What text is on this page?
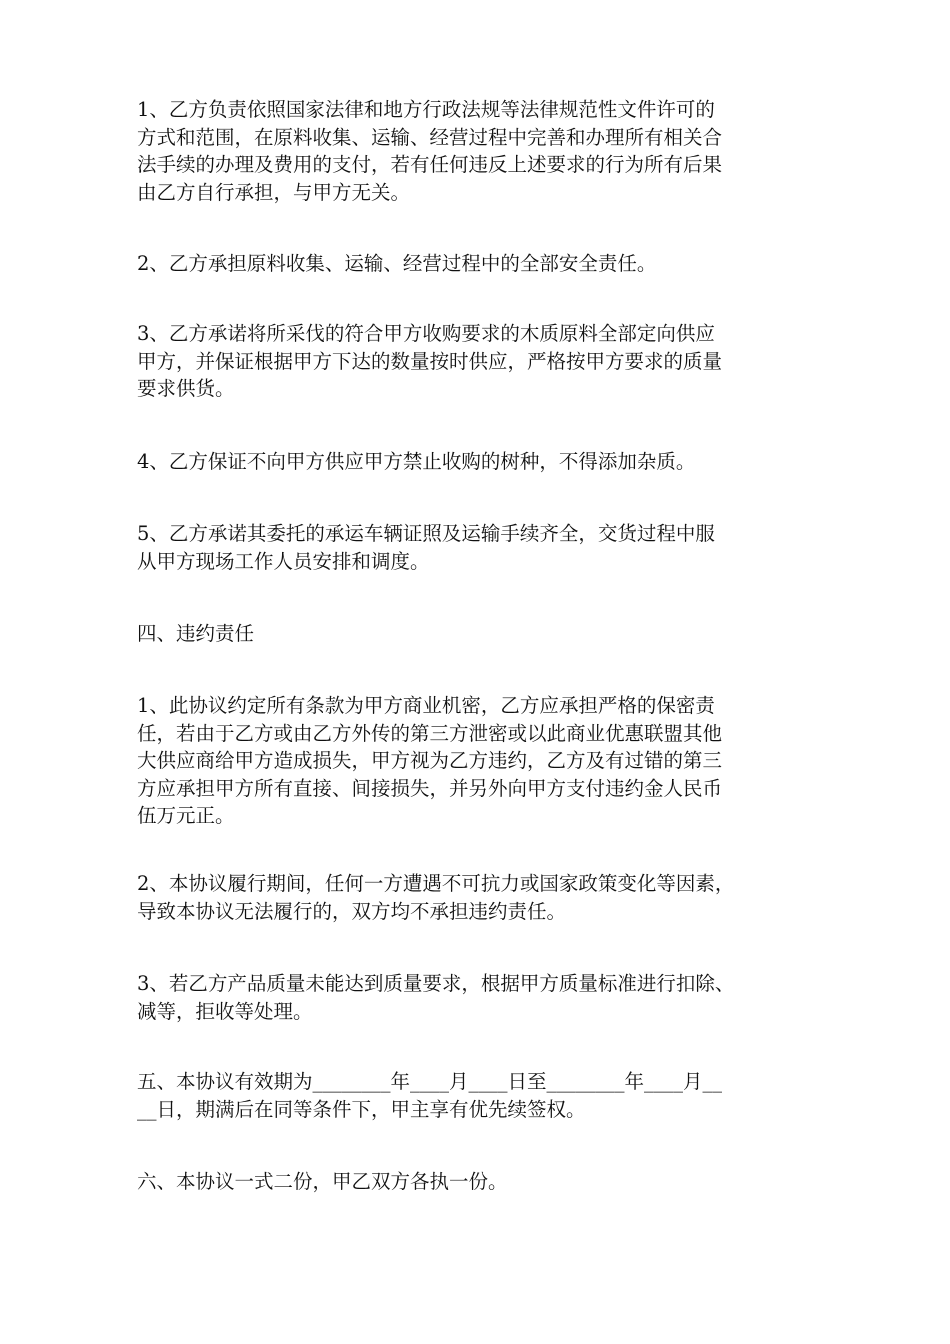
1、乙方负责依照国家法律和地方行政法规等法律规范性文件许可的
方式和范围，在原料收集、运输、经营过程中完善和办理所有相关合
法手续的办理及费用的支付，若有任何违反上述要求的行为所有后果
由乙方自行承担，与甲方无关。

2、乙方承担原料收集、运输、经营过程中的全部安全责任。

3、乙方承诺将所采伐的符合甲方收购要求的木质原料全部定向供应
甲方，并保证根据甲方下达的数量按时供应，严格按甲方要求的质量
要求供货。

4、乙方保证不向甲方供应甲方禁止收购的树种，不得添加杂质。

5、乙方承诺其委托的承运车辆证照及运输手续齐全，交货过程中服
从甲方现场工作人员安排和调度。

四、违约责任

1、此协议约定所有条款为甲方商业机密，乙方应承担严格的保密责
任，若由于乙方或由乙方外传的第三方泄密或以此商业优惠联盟其他
大供应商给甲方造成损失，甲方视为乙方违约，乙方及有过错的第三
方应承担甲方所有直接、间接损失，并另外向甲方支付违约金人民币
伍万元正。

2、本协议履行期间，任何一方遭遇不可抗力或国家政策变化等因素，
导致本协议无法履行的，双方均不承担违约责任。

3、若乙方产品质量未能达到质量要求，根据甲方质量标准进行扣除、
减等，拒收等处理。

五、本协议有效期为________年____月____日至________年____月__
__日，期满后在同等条件下，甲主享有优先续签权。

六、本协议一式二份，甲乙双方各执一份。
